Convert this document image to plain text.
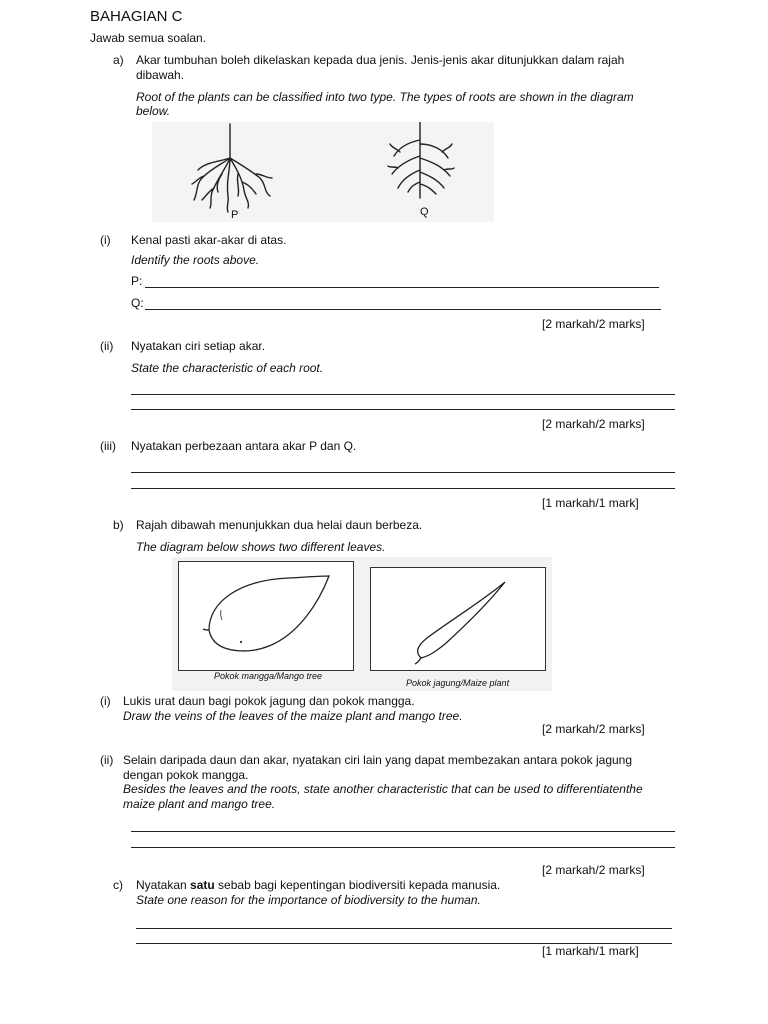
BAHAGIAN C
Jawab semua soalan.
a) Akar tumbuhan boleh dikelaskan kepada dua jenis. Jenis-jenis akar ditunjukkan dalam rajah
dibawah.
Root of the plants can be classified into two type. The types of roots are shown in the diagram
below.
P	Q
(i) Kenal pasti akar-akar di atas.
Identify the roots above.
P:
Q:
[2 markah/2 marks]
(ii) Nyatakan ciri setiap akar.
State the characteristic of each root.
[2 markah/2 marks]
(iii) Nyatakan perbezaan antara akar P dan Q.
[1 markah/1 mark]
b) Rajah dibawah menunjukkan dua helai daun berbeza.
The diagram below shows two different leaves.
Pokok mangga/Mango tree
Pokok jagung/Maize plant
(i) Lukis urat daun bagi pokok jagung dan pokok mangga.
Draw the veins of the leaves of the maize plant and mango tree.
[2 markah/2 marks]
(ii) Selain daripada daun dan akar, nyatakan ciri lain yang dapat membezakan antara pokok jagung
dengan pokok mangga.
Besides the leaves and the roots, state another characteristic that can be used to differentiatenthe
maize plant and mango tree.
[2 markah/2 marks]
c) Nyatakan satu sebab bagi kepentingan biodiversiti kepada manusia.
State one reason for the importance of biodiversity to the human.
[1 markah/1 mark]
